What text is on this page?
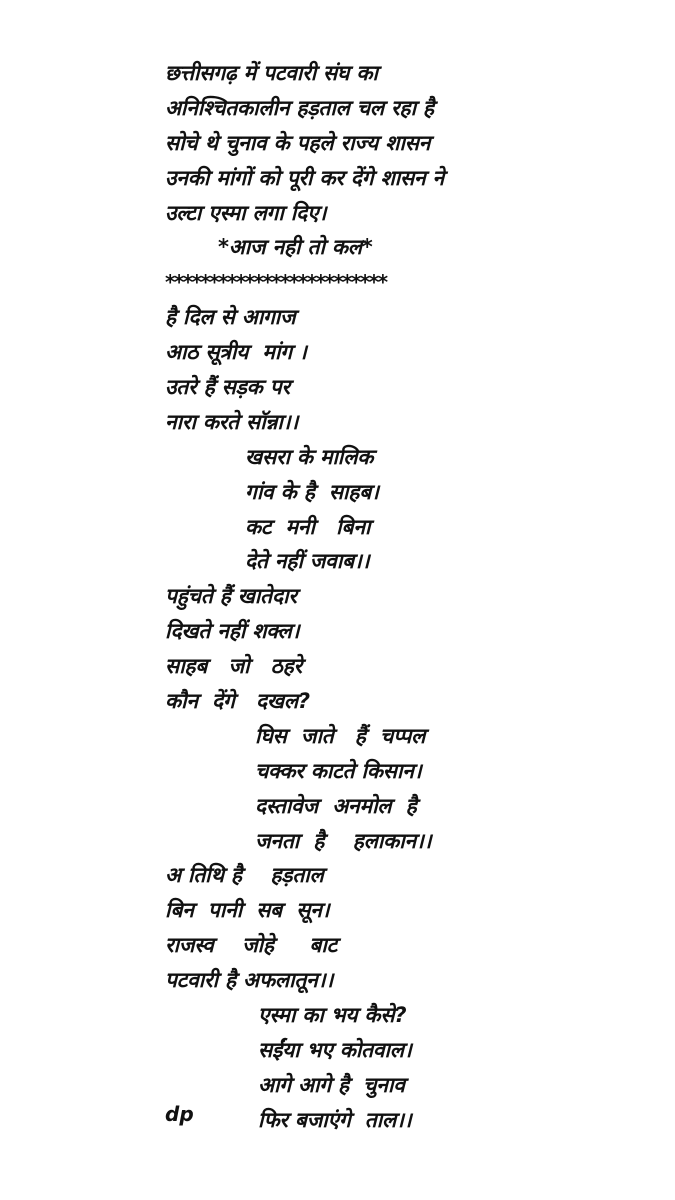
छत्तीसगढ़ में पटवारी संघ का
अनिश्चितकालीन हड़ताल चल रहा है
सोचे थे चुनाव के पहले राज्य शासन
उनकी मांगों को पूरी कर देंगे शासन ने
उल्टा एस्मा लगा दिए।
*आज नही तो कल*
*************************
है दिल से आगाज
आठ सूत्रीय  मांग ।
उतरे हैं सड़क पर
नारा करते सॉन्ना।।
खसरा के मालिक
गांव के है  साहब।
कट  मनी   बिना
देते नहीं जवाब।।
पहुंचते हैं खातेदार
दिखते नहीं शक्ल।
साहब   जो   ठहरे
कौन  देंगे   दखल?
घिस  जाते   हैं  चप्पल
चक्कर काटते किसान।
दस्तावेज  अनमोल  है
जनता  है    हलाकान।।
अ तिथि है    हड़ताल
बिन  पानी  सब  सून।
राजस्व    जोहे     बाट
पटवारी है अफलातून।।
एस्मा का भय कैसे?
सईंया भए कोतवाल।
आगे आगे है  चुनाव
फिर बजाएंगे  ताल।।
dp
